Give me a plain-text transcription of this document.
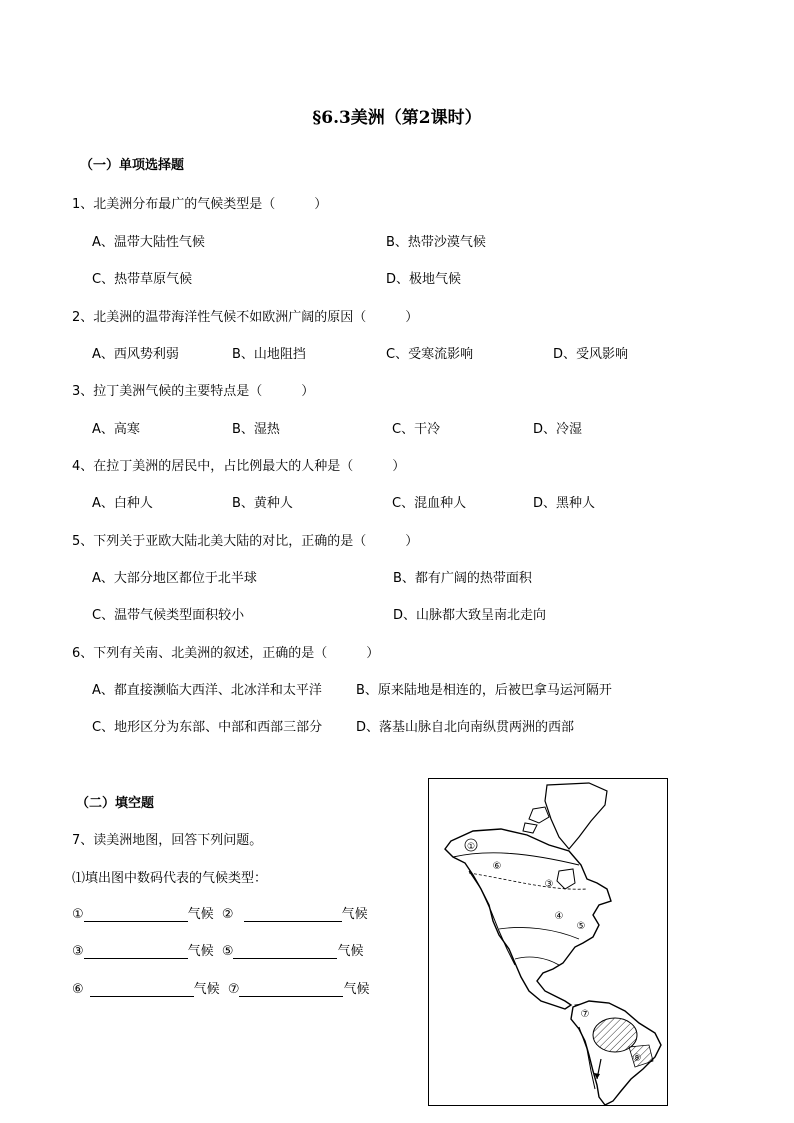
§6.3美洲（第2课时）
（一）单项选择题
1、北美洲分布最广的气候类型是（　　　）
A、温带大陆性气候	B、热带沙漠气候
C、热带草原气候	D、极地气候
2、北美洲的温带海洋性气候不如欧洲广阔的原因（　　　）
A、西风势利弱	B、山地阻挡	C、受寒流影响	D、受风影响
3、拉丁美洲气候的主要特点是（　　　）
A、高寒	B、湿热	C、干冷	D、冷湿
4、在拉丁美洲的居民中，占比例最大的人种是（　　　）
A、白种人	B、黄种人	C、混血种人	D、黑种人
5、下列关于亚欧大陆北美大陆的对比，正确的是（　　　）
A、大部分地区都位于北半球	B、都有广阔的热带面积
C、温带气候类型面积较小	D、山脉都大致呈南北走向
6、下列有关南、北美洲的叙述，正确的是（　　　）
A、都直接濒临大西洋、北冰洋和太平洋	B、原来陆地是相连的，后被巴拿马运河隔开
C、地形区分为东部、中部和西部三部分	D、落基山脉自北向南纵贯两洲的西部
（二）填空题
7、读美洲地图，回答下列问题。
⑴填出图中数码代表的气候类型：
①	气候 ②	气候
③	气候 ⑤	气候
⑥	气候 ⑦	气候
①
③
④
⑤
⑥
⑦
⑧
